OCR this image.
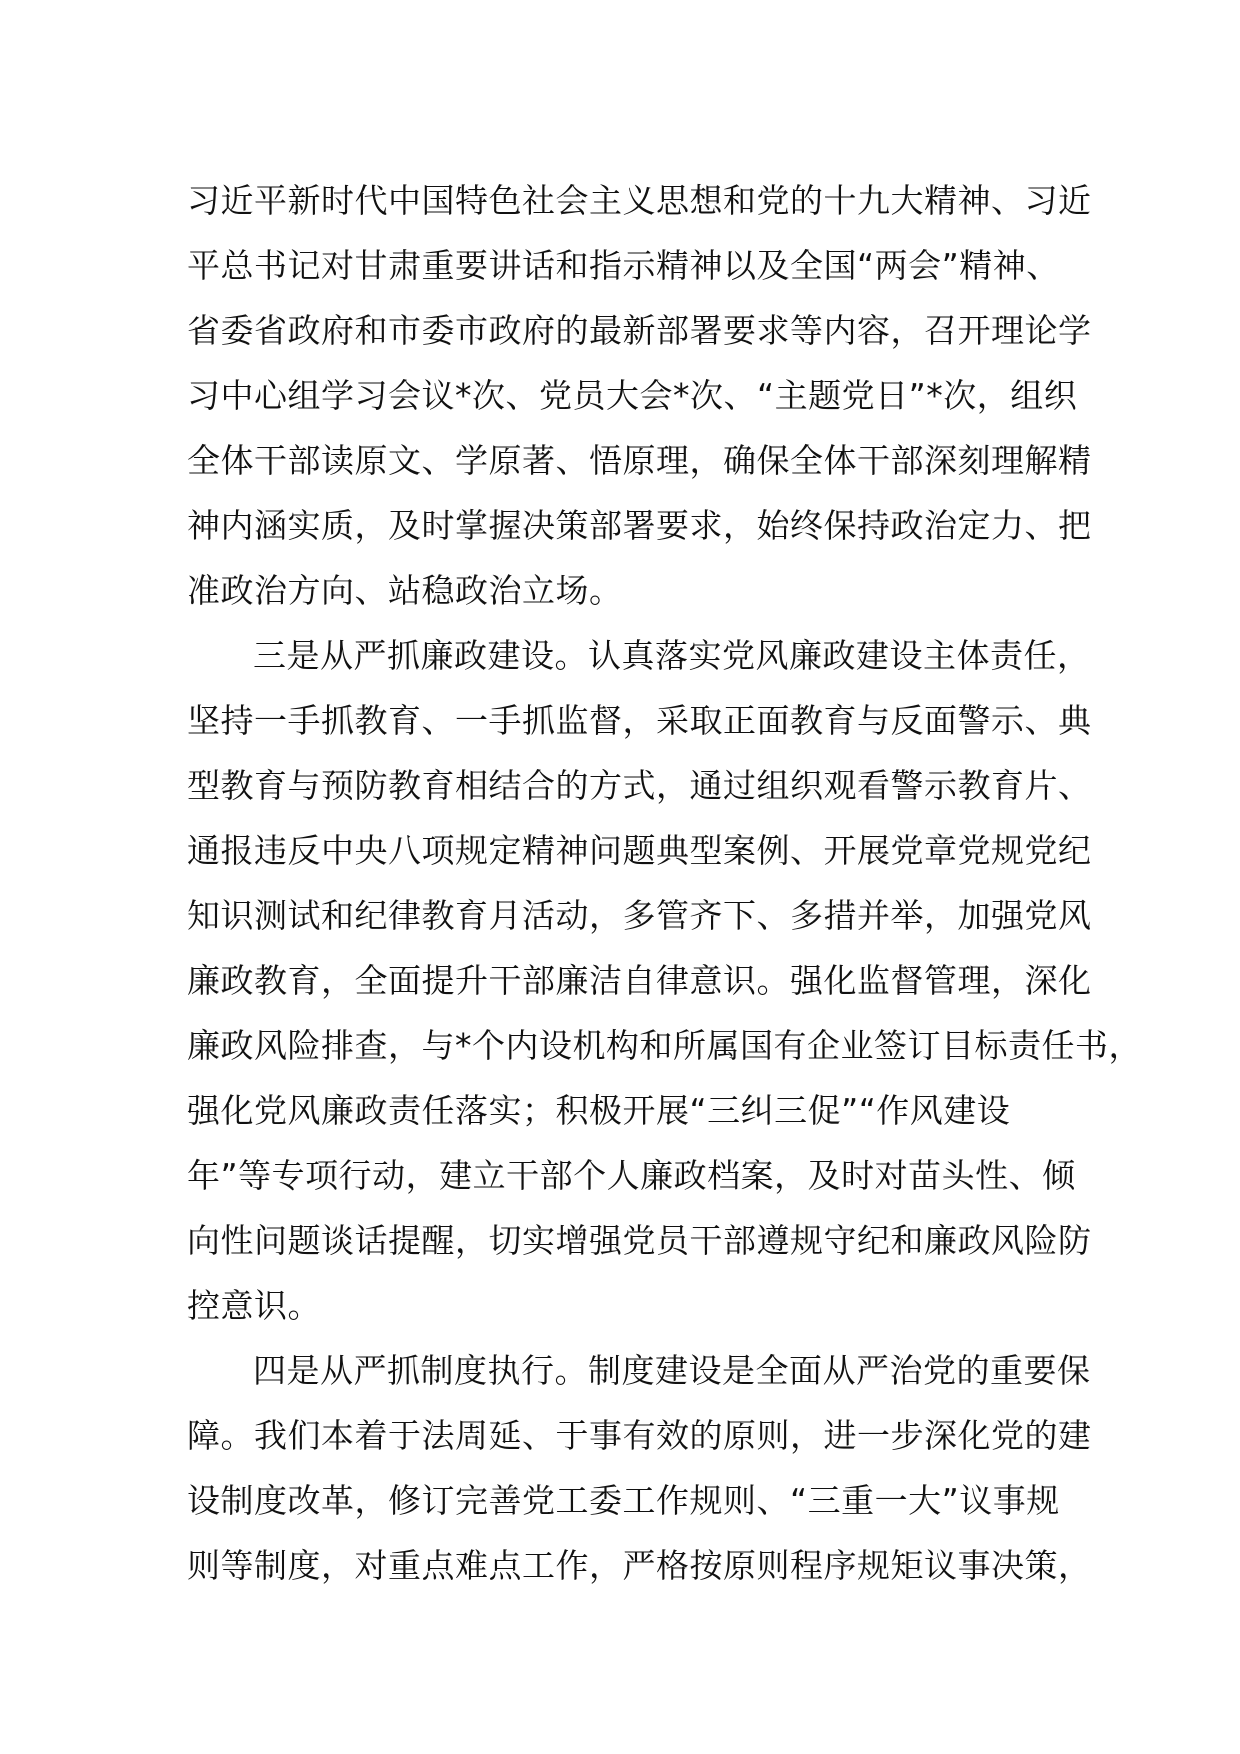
习近平新时代中国特色社会主义思想和党的十九大精神、习近
平总书记对甘肃重要讲话和指示精神以及全国“两会”精神、
省委省政府和市委市政府的最新部署要求等内容，召开理论学
习中心组学习会议*次、党员大会*次、“主题党日”*次，组织
全体干部读原文、学原著、悟原理，确保全体干部深刻理解精
神内涵实质，及时掌握决策部署要求，始终保持政治定力、把
准政治方向、站稳政治立场。
三是从严抓廉政建设。认真落实党风廉政建设主体责任，
坚持一手抓教育、一手抓监督，采取正面教育与反面警示、典
型教育与预防教育相结合的方式，通过组织观看警示教育片、
通报违反中央八项规定精神问题典型案例、开展党章党规党纪
知识测试和纪律教育月活动，多管齐下、多措并举，加强党风
廉政教育，全面提升干部廉洁自律意识。强化监督管理，深化
廉政风险排查，与*个内设机构和所属国有企业签订目标责任书，
强化党风廉政责任落实；积极开展“三纠三促”“作风建设
年”等专项行动，建立干部个人廉政档案，及时对苗头性、倾
向性问题谈话提醒，切实增强党员干部遵规守纪和廉政风险防
控意识。
四是从严抓制度执行。制度建设是全面从严治党的重要保
障。我们本着于法周延、于事有效的原则，进一步深化党的建
设制度改革，修订完善党工委工作规则、“三重一大”议事规
则等制度，对重点难点工作，严格按原则程序规矩议事决策，
